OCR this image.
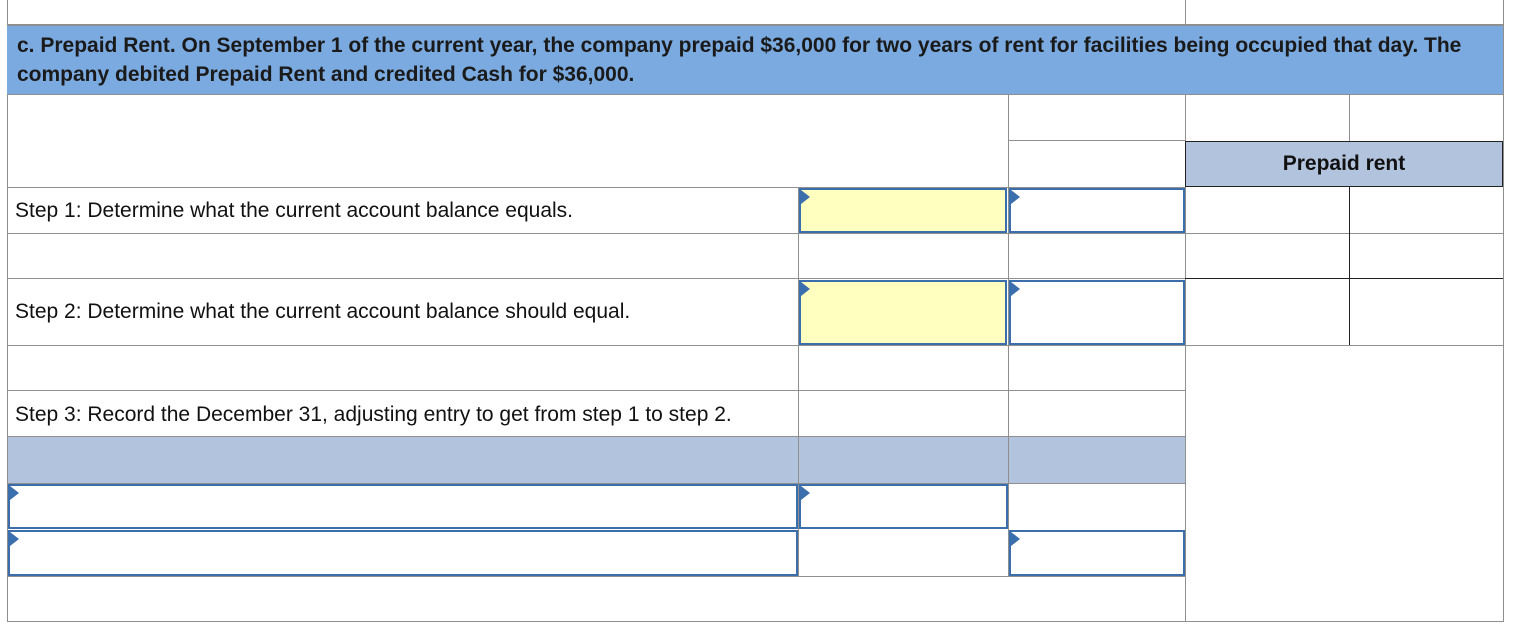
c. Prepaid Rent. On September 1 of the current year, the company prepaid $36,000 for two years of rent for facilities being occupied that day. The company debited Prepaid Rent and credited Cash for $36,000.
Prepaid rent
Step 1: Determine what the current account balance equals.
Step 2: Determine what the current account balance should equal.
Step 3: Record the December 31, adjusting entry to get from step 1 to step 2.
